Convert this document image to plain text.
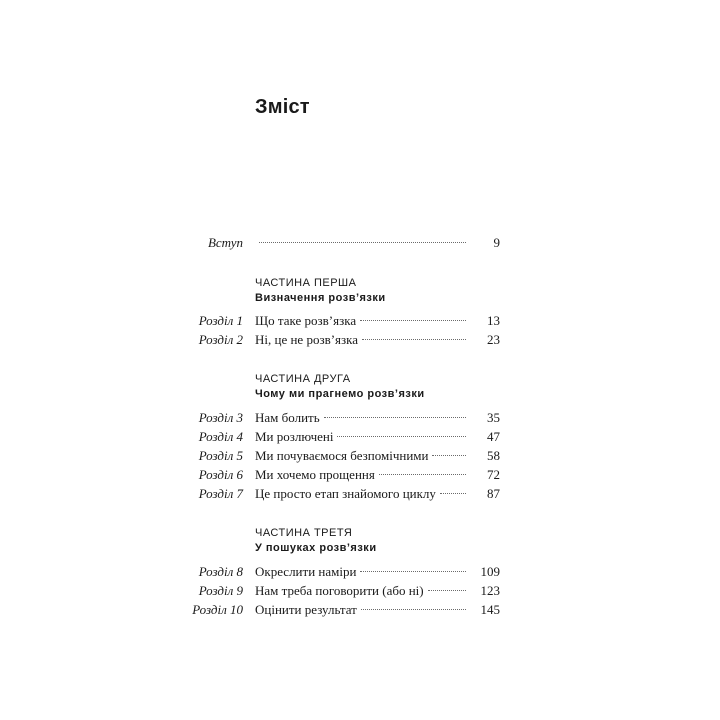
Зміст
Вступ	9
ЧАСТИНА ПЕРША
Визначення розв’язки
Розділ 1 Що таке розв’язка	13
Розділ 2 Ні, це не розв’язка	23
ЧАСТИНА ДРУГА
Чому ми прагнемо розв’язки
Розділ 3 Нам болить	35
Розділ 4 Ми розлючені	47
Розділ 5 Ми почуваємося безпомічними	58
Розділ 6 Ми хочемо прощення	72
Розділ 7 Це просто етап знайомого циклу	87
ЧАСТИНА ТРЕТЯ
У пошуках розв’язки
Розділ 8 Окреслити наміри	109
Розділ 9 Нам треба поговорити (або ні)	123
Розділ 10 Оцінити результат	145
